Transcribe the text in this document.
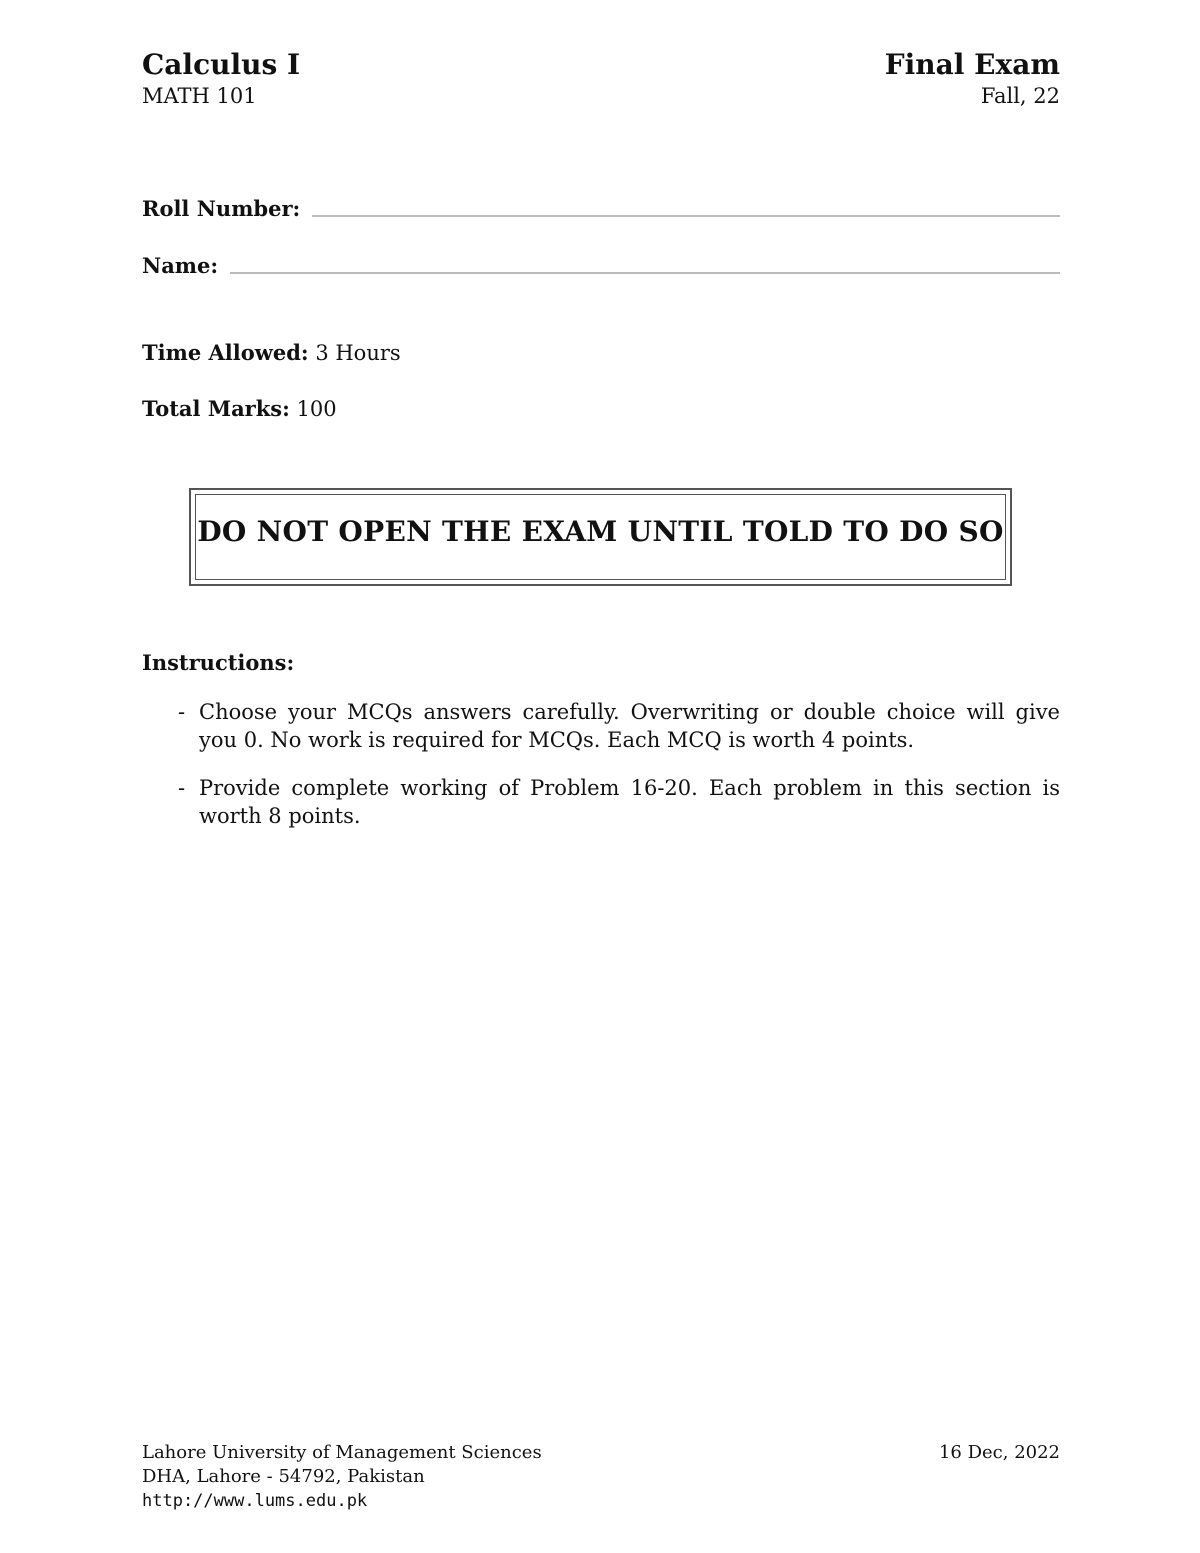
Calculus I
MATH 101
Final Exam
Fall, 22
Roll Number:
Name:
Time Allowed: 3 Hours
Total Marks: 100
DO NOT OPEN THE EXAM UNTIL TOLD TO DO SO
Instructions:
- Choose your MCQs answers carefully. Overwriting or double choice will give you 0. No work is required for MCQs. Each MCQ is worth 4 points.
- Provide complete working of Problem 16-20. Each problem in this section is worth 8 points.
Lahore University of Management Sciences
DHA, Lahore - 54792, Pakistan
http://www.lums.edu.pk
16 Dec, 2022
